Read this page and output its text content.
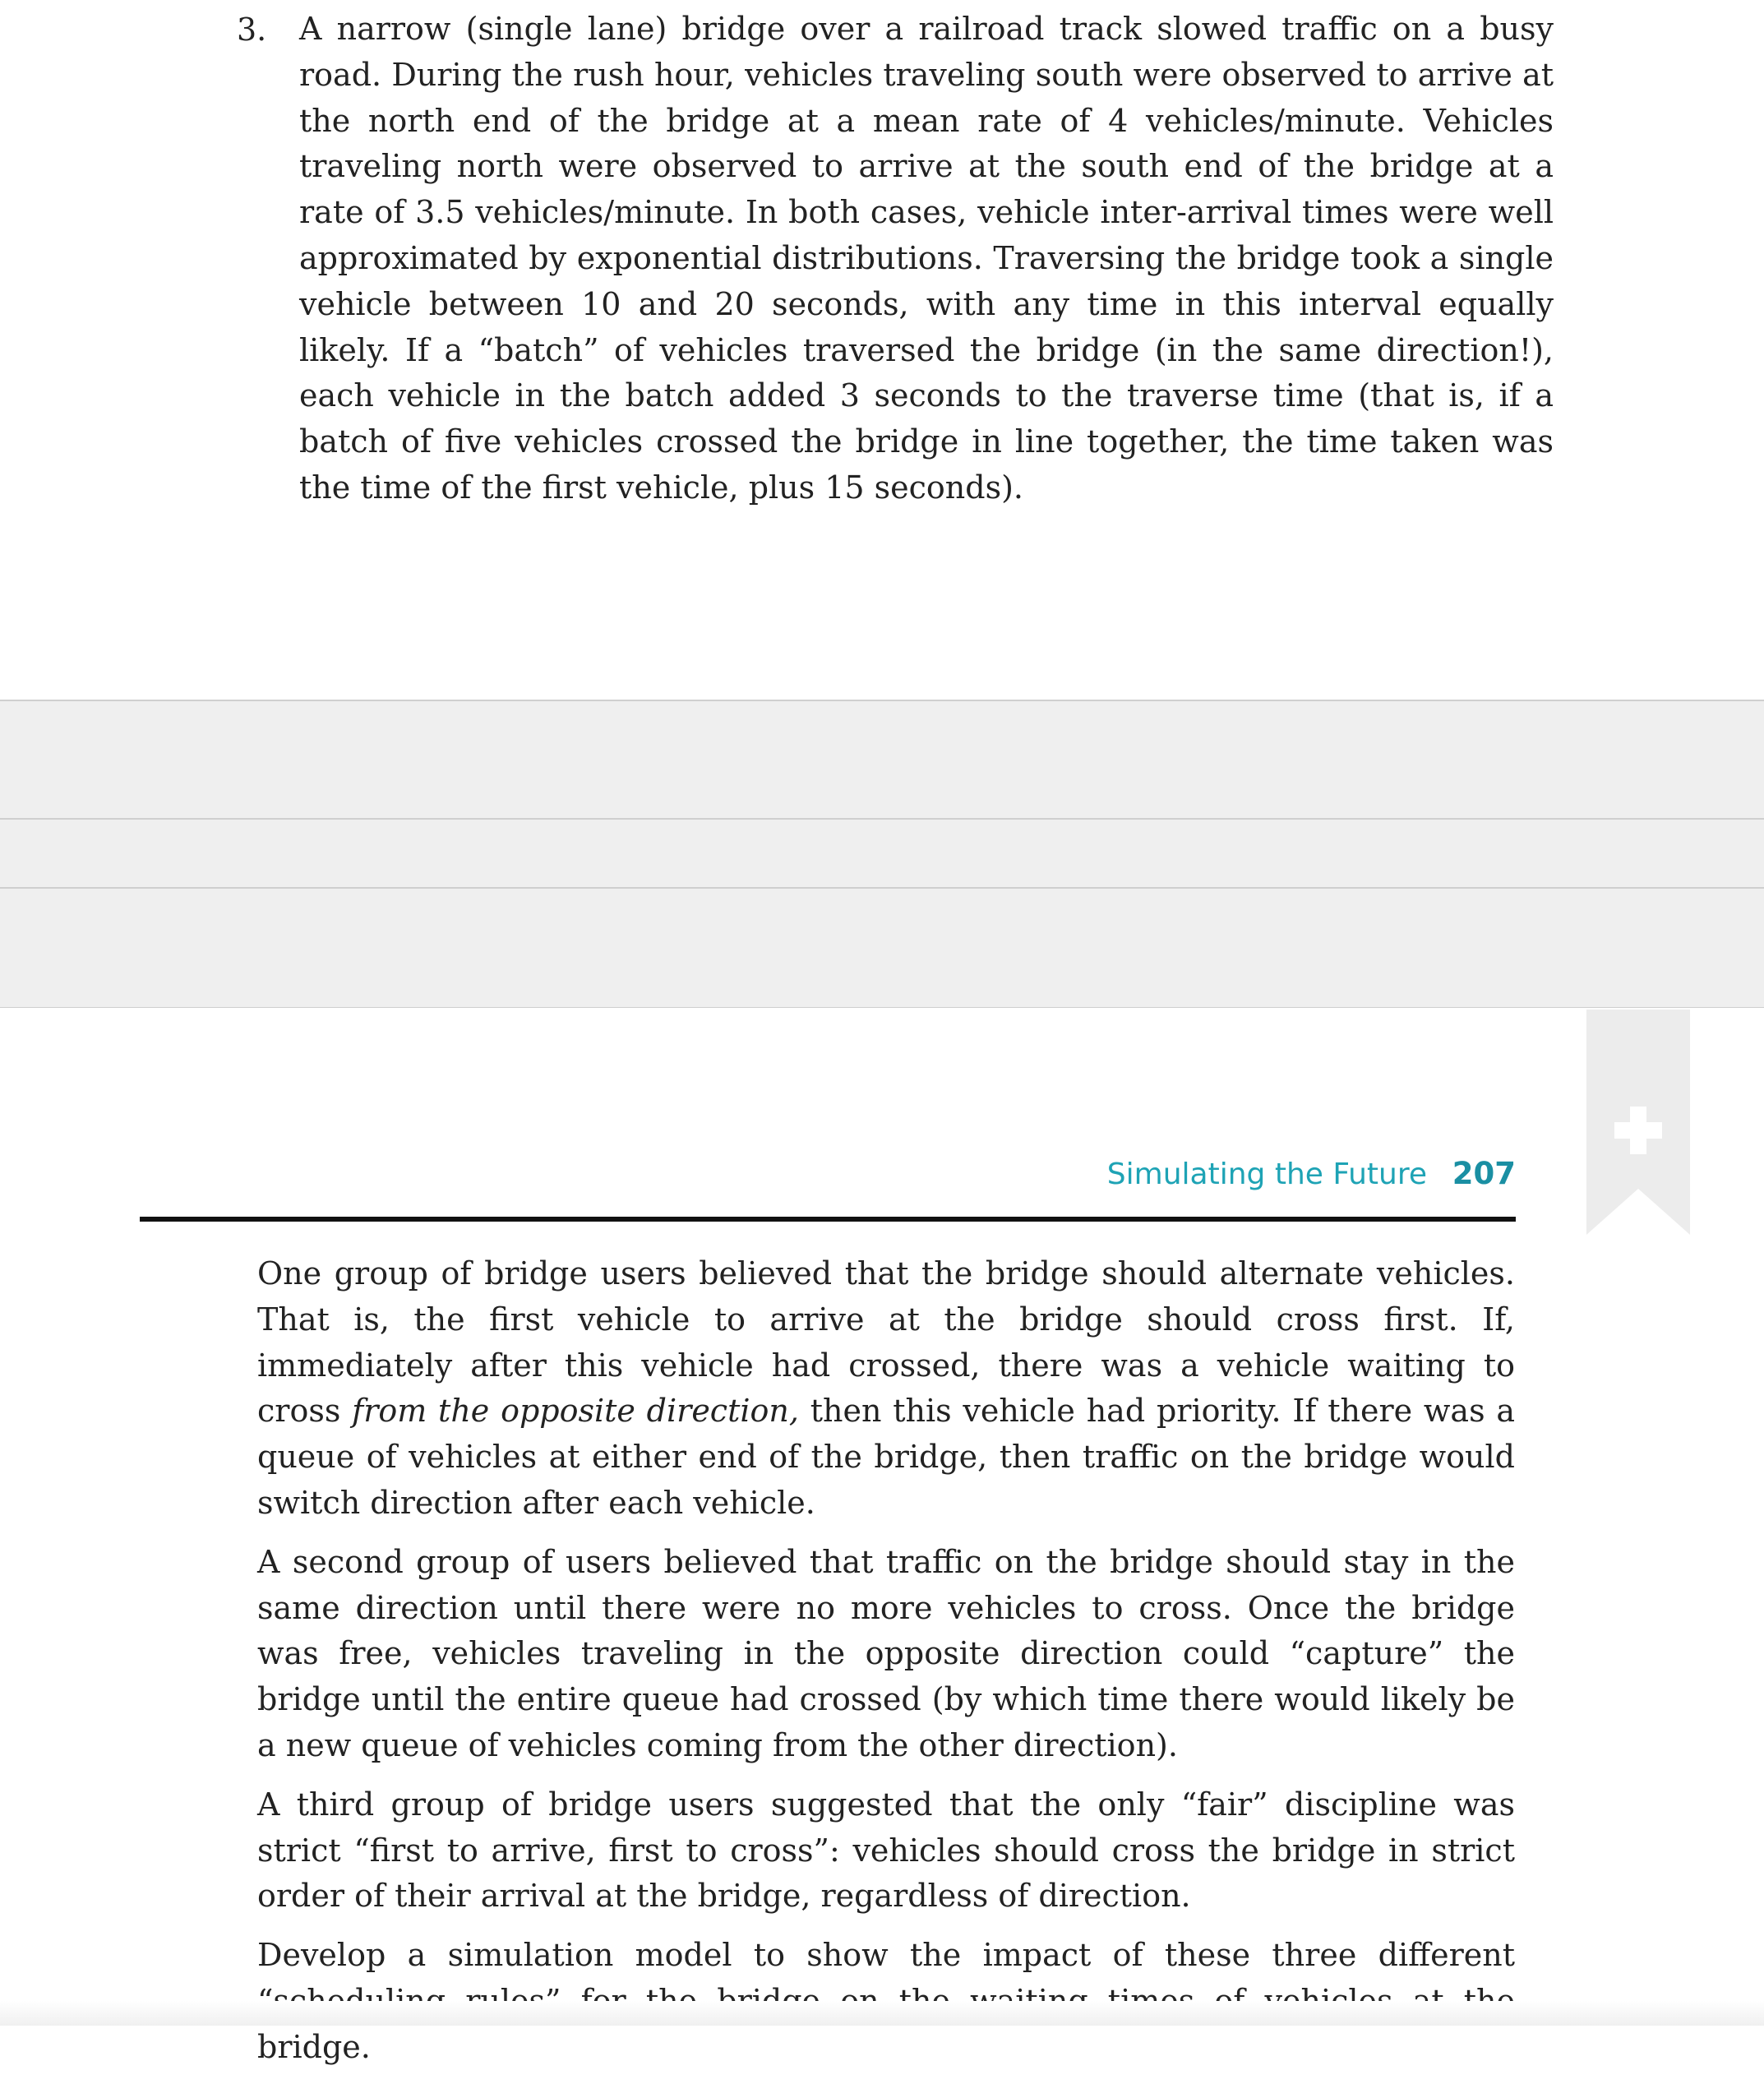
3. A narrow (single lane) bridge over a railroad track slowed traffic on a busy road. During the rush hour, vehicles traveling south were observed to arrive at the north end of the bridge at a mean rate of 4 vehicles/minute. Vehicles traveling north were observed to arrive at the south end of the bridge at a rate of 3.5 vehicles/minute. In both cases, vehicle inter-arrival times were well approximated by exponential distributions. Traversing the bridge took a single vehicle between 10 and 20 seconds, with any time in this interval equally likely. If a “batch” of vehicles traversed the bridge (in the same direction!), each vehicle in the batch added 3 seconds to the traverse time (that is, if a batch of five vehicles crossed the bridge in line together, the time taken was the time of the first vehicle, plus 15 seconds).
Simulating the Future 207

One group of bridge users believed that the bridge should alternate vehicles. That is, the first vehicle to arrive at the bridge should cross first. If, immediately after this vehicle had crossed, there was a vehicle waiting to cross from the opposite direction, then this vehicle had priority. If there was a queue of vehicles at either end of the bridge, then traffic on the bridge would switch direction after each vehicle.

A second group of users believed that traffic on the bridge should stay in the same direction until there were no more vehicles to cross. Once the bridge was free, vehicles traveling in the opposite direction could “capture” the bridge until the entire queue had crossed (by which time there would likely be a new queue of vehicles coming from the other direction).

A third group of bridge users suggested that the only “fair” discipline was strict “first to arrive, first to cross”: vehicles should cross the bridge in strict order of their arrival at the bridge, regardless of direction.

Develop a simulation model to show the impact of these three different bridge.
